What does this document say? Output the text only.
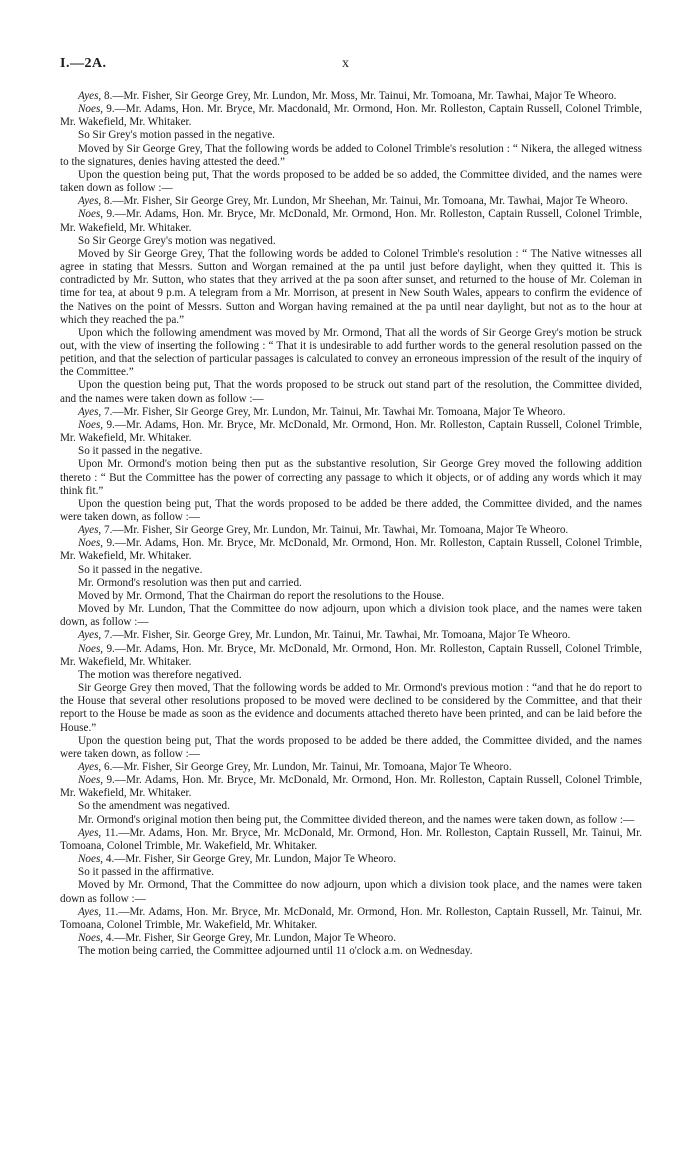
I.—2A.	x

Ayes, 8.—Mr. Fisher, Sir George Grey, Mr. Lundon, Mr. Moss, Mr. Tainui, Mr. Tomoana, Mr. Tawhai, Major Te Wheoro.

Noes, 9.—Mr. Adams, Hon. Mr. Bryce, Mr. Macdonald, Mr. Ormond, Hon. Mr. Rolleston, Captain Russell, Colonel Trimble, Mr. Wakefield, Mr. Whitaker.

So Sir Grey's motion passed in the negative.

Moved by Sir George Grey, That the following words be added to Colonel Trimble's resolution : “ Nikera, the alleged witness to the signatures, denies having attested the deed.”

Upon the question being put, That the words proposed to be added be so added, the Committee divided, and the names were taken down as follow :—

Ayes, 8.—Mr. Fisher, Sir George Grey, Mr. Lundon, Mr Sheehan, Mr. Tainui, Mr. Tomoana, Mr. Tawhai, Major Te Wheoro.

Noes, 9.—Mr. Adams, Hon. Mr. Bryce, Mr. McDonald, Mr. Ormond, Hon. Mr. Rolleston, Captain Russell, Colonel Trimble, Mr. Wakefield, Mr. Whitaker.

So Sir George Grey's motion was negatived.

Moved by Sir George Grey, That the following words be added to Colonel Trimble's resolution : “ The Native witnesses all agree in stating that Messrs. Sutton and Worgan remained at the pa until just before daylight, when they quitted it. This is contradicted by Mr. Sutton, who states that they arrived at the pa soon after sunset, and returned to the house of Mr. Coleman in time for tea, at about 9 p.m. A telegram from a Mr. Morrison, at present in New South Wales, appears to confirm the evidence of the Natives on the point of Messrs. Sutton and Worgan having remained at the pa until near daylight, but not as to the hour at which they reached the pa.”

Upon which the following amendment was moved by Mr. Ormond, That all the words of Sir George Grey's motion be struck out, with the view of inserting the following : “ That it is undesirable to add further words to the general resolution passed on the petition, and that the selection of particular passages is calculated to convey an erroneous impression of the result of the inquiry of the Committee.”

Upon the question being put, That the words proposed to be struck out stand part of the resolution, the Committee divided, and the names were taken down as follow :—

Ayes, 7.—Mr. Fisher, Sir George Grey, Mr. Lundon, Mr. Tainui, Mr. Tawhai Mr. Tomoana, Major Te Wheoro.

Noes, 9.—Mr. Adams, Hon. Mr. Bryce, Mr. McDonald, Mr. Ormond, Hon. Mr. Rolleston, Captain Russell, Colonel Trimble, Mr. Wakefield, Mr. Whitaker.

So it passed in the negative.

Upon Mr. Ormond's motion being then put as the substantive resolution, Sir George Grey moved the following addition thereto : “ But the Committee has the power of correcting any passage to which it objects, or of adding any words which it may think fit.”

Upon the question being put, That the words proposed to be added be there added, the Committee divided, and the names were taken down, as follow :—

Ayes, 7.—Mr. Fisher, Sir George Grey, Mr. Lundon, Mr. Tainui, Mr. Tawhai, Mr. Tomoana, Major Te Wheoro.

Noes, 9.—Mr. Adams, Hon. Mr. Bryce, Mr. McDonald, Mr. Ormond, Hon. Mr. Rolleston, Captain Russell, Colonel Trimble, Mr. Wakefield, Mr. Whitaker.

So it passed in the negative.

Mr. Ormond's resolution was then put and carried.

Moved by Mr. Ormond, That the Chairman do report the resolutions to the House.

Moved by Mr. Lundon, That the Committee do now adjourn, upon which a division took place, and the names were taken down, as follow :—

Ayes, 7.—Mr. Fisher, Sir. George Grey, Mr. Lundon, Mr. Tainui, Mr. Tawhai, Mr. Tomoana, Major Te Wheoro.

Noes, 9.—Mr. Adams, Hon. Mr. Bryce, Mr. McDonald, Mr. Ormond, Hon. Mr. Rolleston, Captain Russell, Colonel Trimble, Mr. Wakefield, Mr. Whitaker.

The motion was therefore negatived.

Sir George Grey then moved, That the following words be added to Mr. Ormond's previous motion : “and that he do report to the House that several other resolutions proposed to be moved were declined to be considered by the Committee, and that their report to the House be made as soon as the evidence and documents attached thereto have been printed, and can be laid before the House.”

Upon the question being put, That the words proposed to be added be there added, the Committee divided, and the names were taken down, as follow :—

Ayes, 6.—Mr. Fisher, Sir George Grey, Mr. Lundon, Mr. Tainui, Mr. Tomoana, Major Te Wheoro.

Noes, 9.—Mr. Adams, Hon. Mr. Bryce, Mr. McDonald, Mr. Ormond, Hon. Mr. Rolleston, Captain Russell, Colonel Trimble, Mr. Wakefield, Mr. Whitaker.

So the amendment was negatived.

Mr. Ormond's original motion then being put, the Committee divided thereon, and the names were taken down, as follow :—

Ayes, 11.—Mr. Adams, Hon. Mr. Bryce, Mr. McDonald, Mr. Ormond, Hon. Mr. Rolleston, Captain Russell, Mr. Tainui, Mr. Tomoana, Colonel Trimble, Mr. Wakefield, Mr. Whitaker.

Noes, 4.—Mr. Fisher, Sir George Grey, Mr. Lundon, Major Te Wheoro.

So it passed in the affirmative.

Moved by Mr. Ormond, That the Committee do now adjourn, upon which a division took place, and the names were taken down as follow :—

Ayes, 11.—Mr. Adams, Hon. Mr. Bryce, Mr. McDonald, Mr. Ormond, Hon. Mr. Rolleston, Captain Russell, Mr. Tainui, Mr. Tomoana, Colonel Trimble, Mr. Wakefield, Mr. Whitaker.

Noes, 4.—Mr. Fisher, Sir George Grey, Mr. Lundon, Major Te Wheoro.

The motion being carried, the Committee adjourned until 11 o'clock a.m. on Wednesday.
